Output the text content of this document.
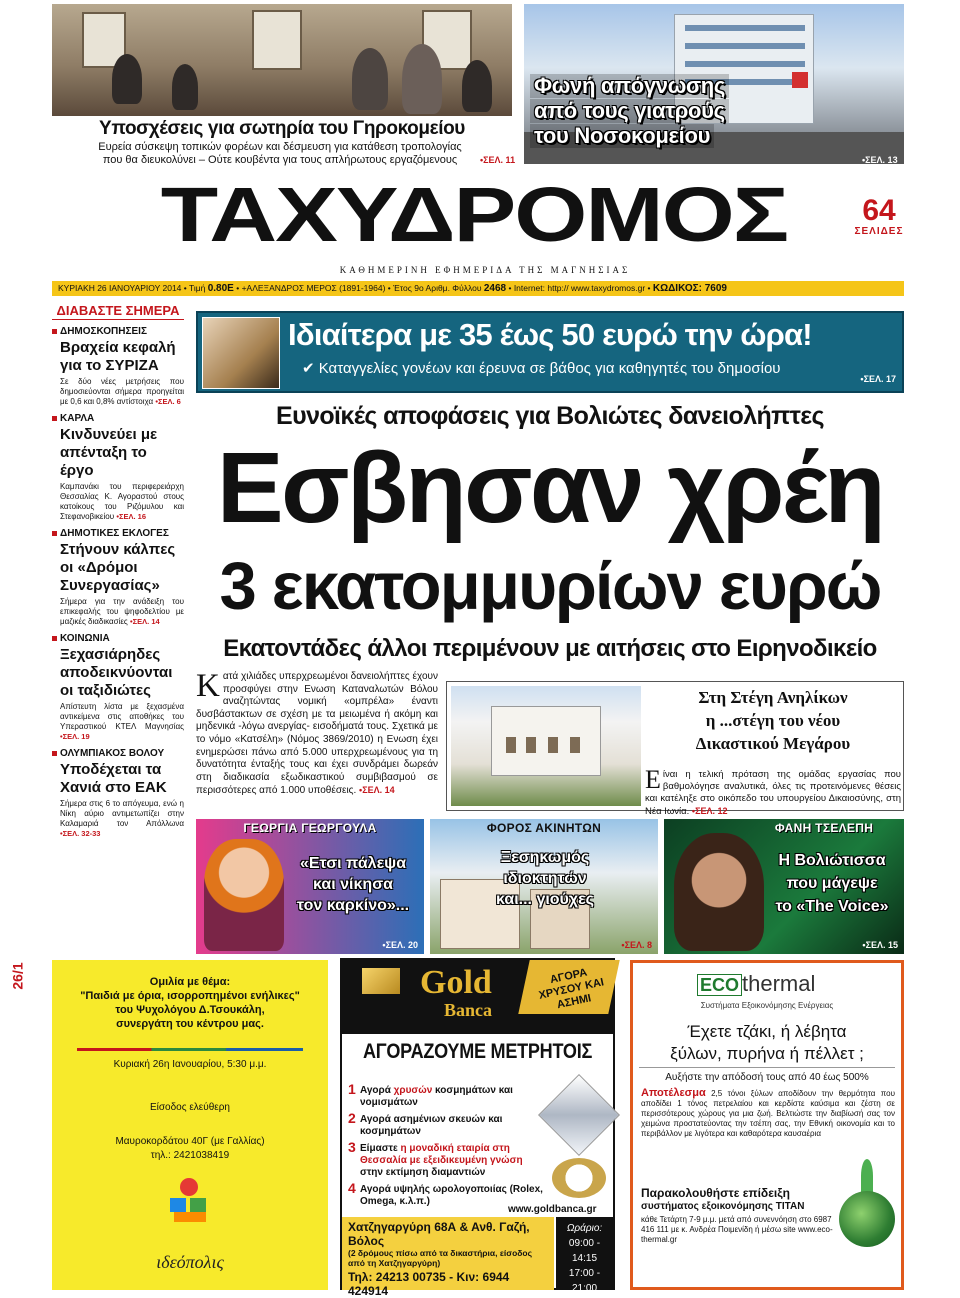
Υποσχέσεις για σωτηρία του Γηροκομείου
Ευρεία σύσκεψη τοπικών φορέων και δέσμευση για κατάθεση τροπολογίας
που θα διευκολύνει – Ούτε κουβέντα για τους απλήρωτους εργαζόμενους	•ΣΕΛ. 11
Φωνή απόγνωσης
από τους γιατρούς
του Νοσοκομείου
•ΣΕΛ. 13
ΤΑΧΥΔΡΟΜΟΣ	64
ΣΕΛΙΔΕΣ
ΚΑΘΗΜΕΡΙΝΗ ΕΦΗΜΕΡΙΔΑ ΤΗΣ ΜΑΓΝΗΣΙΑΣ
ΚΥΡΙΑΚΗ 26 ΙΑΝΟΥΑΡΙΟΥ 2014 • Τιμή 0.80Ε • +ΑΛΕΞΑΝΔΡΟΣ ΜΕΡΟΣ (1891-1964) • Έτος 9ο Αριθμ. Φύλλου 2468 • Internet: http:// www.taxydromos.gr • ΚΩΔΙΚΟΣ: 7609
ΔΙΑΒΑΣΤΕ ΣΗΜΕΡΑ
ΔΗΜΟΣΚΟΠΗΣΕΙΣ
Βραχεία κεφαλή για το ΣΥΡΙΖΑ
Σε δύο νέες μετρήσεις που δημοσιεύονται σήμερα προηγείται με 0,6 και 0,8% αντίστοιχα •ΣΕΛ. 6
ΚΑΡΛΑ
Κινδυνεύει με απένταξη το έργο
Καμπανάκι του περιφερειάρχη Θεσσαλίας Κ. Αγοραστού στους κατοίκους του Ριζόμυλου και Στεφανοβικείου •ΣΕΛ. 16
ΔΗΜΟΤΙΚΕΣ ΕΚΛΟΓΕΣ
Στήνουν κάλπες οι «Δρόμοι Συνεργασίας»
Σήμερα για την ανάδειξη του επικεφαλής του ψηφοδελτίου με μαζικές διαδικασίες •ΣΕΛ. 14
ΚΟΙΝΩΝΙΑ
Ξεχασιάρηδες αποδεικνύονται οι ταξιδιώτες
Απίστευτη λίστα με ξεχασμένα αντικείμενα στις αποθήκες του Υπεραστικού ΚΤΕΛ Μαγνησίας •ΣΕΛ. 19
ΟΛΥΜΠΙΑΚΟΣ ΒΟΛΟΥ
Υποδέχεται τα Χανιά στο ΕΑΚ
Σήμερα στις 6 το απόγευμα, ενώ η Νίκη αύριο αντιμετωπίζει στην Καλαμαριά τον Απόλλωνα •ΣΕΛ. 32-33
Ιδιαίτερα με 35 έως 50 ευρώ την ώρα!
✔ Καταγγελίες γονέων και έρευνα σε βάθος για καθηγητές του δημοσίου
•ΣΕΛ. 17
Ευνοϊκές αποφάσεις για Βολιώτες δανειολήπτες
Εσβησαν χρέη
3 εκατομμυρίων ευρώ
Εκατοντάδες άλλοι περιμένουν με αιτήσεις στο Ειρηνοδικείο
Κατά χιλιάδες υπερχρεωμένοι δανειολήπτες έχουν προσφύγει στην Ενωση Καταναλωτών Βόλου αναζητώντας νομική «ομπρέλα» έναντι δυσβάστακτων σε σχέση με τα μειωμένα ή ακόμη και μηδενικά -λόγω ανεργίας- εισοδήματά τους. Σχετικά με το νόμο «Κατσέλη» (Νόμος 3869/2010) η Ενωση έχει ενημερώσει πάνω από 5.000 υπερχρεωμένους για τη δυνατότητα ένταξής τους και έχει συνδράμει δωρεάν στη διαδικασία εξωδικαστικού συμβιβασμού σε περισσότερες από 1.000 υποθέσεις. •ΣΕΛ. 14
Στη Στέγη Ανηλίκων
η ...στέγη του νέου
Δικαστικού Μεγάρου
Είναι η τελική πρόταση της ομάδας εργασίας που βαθμολόγησε αναλυτικά, όλες τις προτεινόμενες θέσεις και κατέληξε στο οικόπεδο του υπουργείου Δικαιοσύνης, στη Νέα Ιωνία. •ΣΕΛ. 12
ΓΕΩΡΓΙΑ ΓΕΩΡΓΟΥΛΑ
«Ετσι πάλεψα
και νίκησα
τον καρκίνο»...
•ΣΕΛ. 20
ΦΟΡΟΣ ΑΚΙΝΗΤΩΝ
Ξεσηκωμός
ιδιοκτητών
και... γιούχες
•ΣΕΛ. 8
ΦΑΝΗ ΤΣΕΛΕΠΗ
Η Βολιώτισσα
που μάγεψε
το «The Voice»
•ΣΕΛ. 15
Ομιλία με θέμα:
"Παιδιά με όρια, ισορροπημένοι ενήλικες"
του Ψυχολόγου Δ.Τσουκάλη,
συνεργάτη του κέντρου μας.
Κυριακή 26η Ιανουαρίου, 5:30 μ.μ.
Είσοδος ελεύθερη
Μαυροκορδάτου 40Γ (με Γαλλίας)
τηλ.: 2421038419
ιδεόπολις
Gold
Banca
ΑΓΟΡΑ ΧΡΥΣΟΥ ΚΑΙ ΑΣΗΜΙ
ΑΓΟΡΑΖΟΥΜΕ ΜΕΤΡΗΤΟΙΣ
1 Αγορά χρυσών κοσμημάτων και νομισμάτων
2 Αγορά ασημένιων σκευών και κοσμημάτων
3 Είμαστε η μοναδική εταιρία στη Θεσσαλία με εξειδικευμένη γνώση στην εκτίμηση διαμαντιών
4 Αγορά υψηλής ωρολογοποιίας (Rolex, Omega, κ.λ.π.)
www.goldbanca.gr
Χατζηγαργύρη 68Α & Ανθ. Γαζή, Βόλος
(2 δρόμους πίσω από τα δικαστήρια, είσοδος από τη Χατζηγαργύρη)
Τηλ: 24213 00735 - Κιν: 6944 424914
Ωράριο:
09:00 - 14:15
17:00 - 21:00
ECO thermal
Συστήματα Εξοικονόμησης Ενέργειας
Έχετε τζάκι, ή λέβητα
ξύλων, πυρήνα ή πέλλετ ;
Αυξήστε την απόδοσή τους από 40 έως 500%
Αποτέλεσμα 2,5 τόνοι ξύλων αποδίδουν την θερμότητα που αποδίδει 1 τόνος πετρελαίου και κερδίστε καύσιμα και ζέστη σε περισσότερους χώρους για μια ζωή. Βελτιώστε την διαβίωσή σας τον χειμώνα προστατεύοντας την τσέπη σας, την Εθνική οικονομία και το περιβάλλον με λιγότερα και καθαρότερα καυσαέρια
Παρακολουθήστε επίδειξη
συστήματος εξοικονόμησης TITAN
κάθε Τετάρτη 7-9 μ.μ. μετά από συνεννόηση στο 6987 416 111 με κ. Ανδρέα Ποιμενίδη ή μέσω site www.eco-thermal.gr
26/1
